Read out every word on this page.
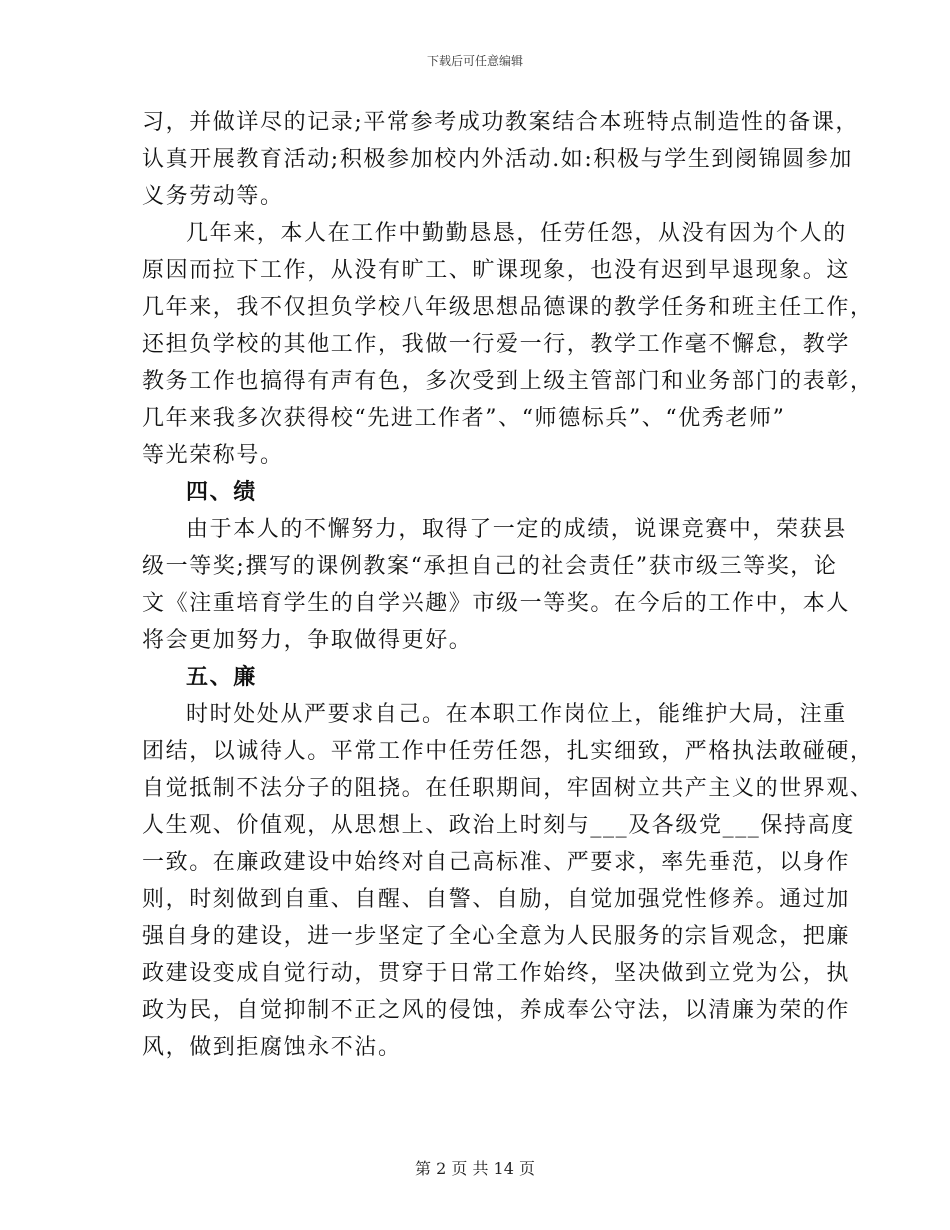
下载后可任意编辑
习，并做详尽的记录;平常参考成功教案结合本班特点制造性的备课，
认真开展教育活动;积极参加校内外活动.如:积极与学生到阌锦圆参加
义务劳动等。
几年来，本人在工作中勤勤恳恳，任劳任怨，从没有因为个人的
原因而拉下工作，从没有旷工、旷课现象，也没有迟到早退现象。这
几年来，我不仅担负学校八年级思想品德课的教学任务和班主任工作，
还担负学校的其他工作，我做一行爱一行，教学工作毫不懈怠，教学
教务工作也搞得有声有色，多次受到上级主管部门和业务部门的表彰，
几年来我多次获得校“先进工作者”、“师德标兵”、“优秀老师”
等光荣称号。
四、绩
由于本人的不懈努力，取得了一定的成绩，说课竞赛中，荣获县
级一等奖;撰写的课例教案“承担自己的社会责任”获市级三等奖，论
文《注重培育学生的自学兴趣》市级一等奖。在今后的工作中，本人
将会更加努力，争取做得更好。
五、廉
时时处处从严要求自己。在本职工作岗位上，能维护大局，注重
团结，以诚待人。平常工作中任劳任怨，扎实细致，严格执法敢碰硬，
自觉抵制不法分子的阻挠。在任职期间，牢固树立共产主义的世界观、
人生观、价值观，从思想上、政治上时刻与___及各级党___保持高度
一致。在廉政建设中始终对自己高标准、严要求，率先垂范，以身作
则，时刻做到自重、自醒、自警、自励，自觉加强党性修养。通过加
强自身的建设，进一步坚定了全心全意为人民服务的宗旨观念，把廉
政建设变成自觉行动，贯穿于日常工作始终，坚决做到立党为公，执
政为民，自觉抑制不正之风的侵蚀，养成奉公守法，以清廉为荣的作
风，做到拒腐蚀永不沾。
第 2 页 共 14 页
